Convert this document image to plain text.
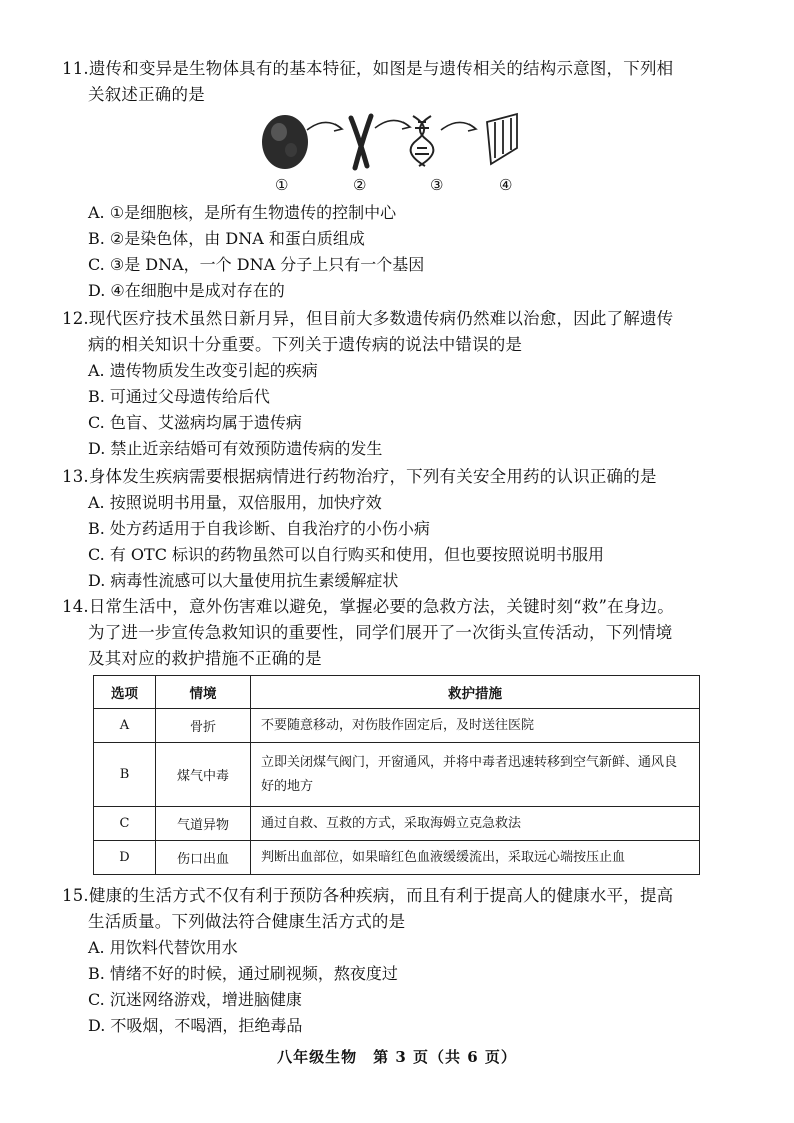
11.遗传和变异是生物体具有的基本特征，如图是与遗传相关的结构示意图，下列相
关叙述正确的是
①	②	③	④
A. ①是细胞核，是所有生物遗传的控制中心
B. ②是染色体，由 DNA 和蛋白质组成
C. ③是 DNA，一个 DNA 分子上只有一个基因
D. ④在细胞中是成对存在的
12.现代医疗技术虽然日新月异，但目前大多数遗传病仍然难以治愈，因此了解遗传
病的相关知识十分重要。下列关于遗传病的说法中错误的是
A. 遗传物质发生改变引起的疾病
B. 可通过父母遗传给后代
C. 色盲、艾滋病均属于遗传病
D. 禁止近亲结婚可有效预防遗传病的发生
13.身体发生疾病需要根据病情进行药物治疗，下列有关安全用药的认识正确的是
A. 按照说明书用量，双倍服用，加快疗效
B. 处方药适用于自我诊断、自我治疗的小伤小病
C. 有 OTC 标识的药物虽然可以自行购买和使用，但也要按照说明书服用
D. 病毒性流感可以大量使用抗生素缓解症状
14.日常生活中，意外伤害难以避免，掌握必要的急救方法，关键时刻“救”在身边。
为了进一步宣传急救知识的重要性，同学们展开了一次街头宣传活动，下列情境
及其对应的救护措施不正确的是
选项	情境	救护措施
A	骨折	不要随意移动，对伤肢作固定后，及时送往医院
B	煤气中毒	立即关闭煤气阀门，开窗通风，并将中毒者迅速转移到空气新鲜、通风良好的地方
C	气道异物	通过自救、互救的方式，采取海姆立克急救法
D	伤口出血	判断出血部位，如果暗红色血液缓缓流出，采取远心端按压止血
15.健康的生活方式不仅有利于预防各种疾病，而且有利于提高人的健康水平，提高
生活质量。下列做法符合健康生活方式的是
A. 用饮料代替饮用水
B. 情绪不好的时候，通过刷视频，熬夜度过
C. 沉迷网络游戏，增进脑健康
D. 不吸烟，不喝酒，拒绝毒品
八年级生物　第 3 页（共 6 页）
